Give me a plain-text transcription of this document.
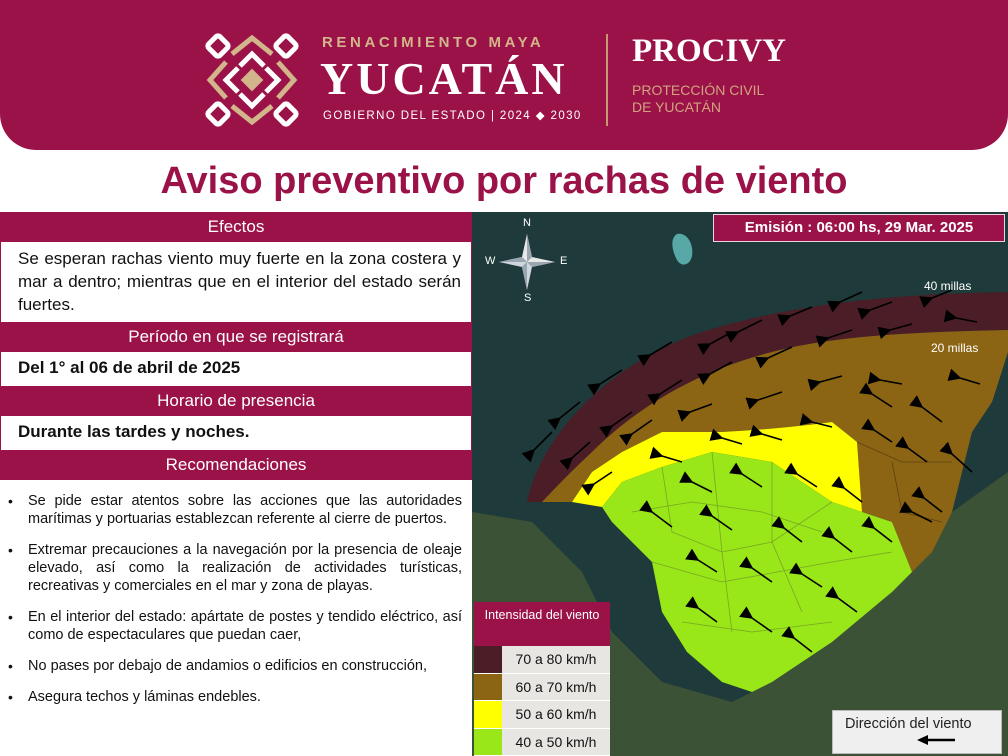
RENACIMIENTO MAYA
YUCATÁN
GOBIERNO DEL ESTADO | 2024 ◆ 2030
PROCIVY
PROTECCIÓN CIVIL
DE YUCATÁN
Aviso preventivo por rachas de viento
Efectos
Se esperan rachas viento muy fuerte en la zona costera y mar a dentro; mientras que en el interior del estado serán fuertes.
Período en que se registrará
Del 1° al 06 de abril de 2025
Horario de presencia
Durante las tardes y noches.
Recomendaciones
• Se pide estar atentos sobre las acciones que las autoridades marítimas y portuarias establezcan referente al cierre de puertos.
• Extremar precauciones a la navegación por la presencia de oleaje elevado, así como la realización de actividades turísticas, recreativas y comerciales en el mar y zona de playas.
• En el interior del estado: apártate de postes y tendido eléctrico, así como de espectaculares que puedan caer,
• No pases por debajo de andamios o edificios en construcción,
• Asegura techos y láminas endebles.
N
S
E
W
40 millas
20 millas
Emisión : 06:00 hs, 29 Mar. 2025
Intensidad del viento
70 a 80 km/h
60 a 70 km/h
50 a 60 km/h
40 a 50 km/h
Dirección del viento
